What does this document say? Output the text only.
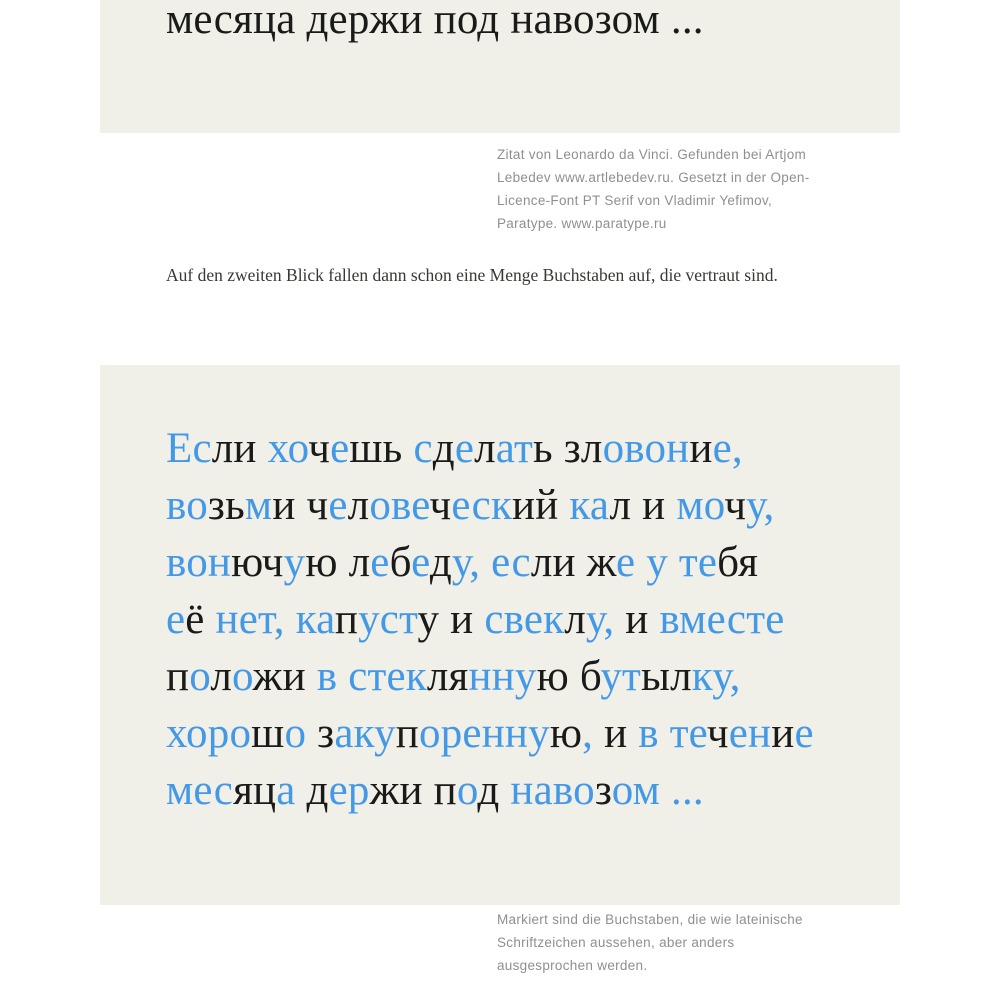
месяца держи под навозом ...
Zitat von Leonardo da Vinci. Gefunden bei Artjom
Lebedev www.artlebedev.ru. Gesetzt in der Open-
Licence-Font PT Serif von Vladimir Yefimov,
Paratype. www.paratype.ru

Auf den zweiten Blick fallen dann schon eine Menge Buchstaben auf, die vertraut sind.

Если хочешь сделать зловоние,
возьми человеческий кал и мочу,
вонючую лебеду, если же у тебя
её нет, капусту и свеклу, и вместе
положи в стеклянную бутылку,
хорошо закупоренную, и в течение
месяца держи под навозом ...
Markiert sind die Buchstaben, die wie lateinische
Schriftzeichen aussehen, aber anders
ausgesprochen werden.
